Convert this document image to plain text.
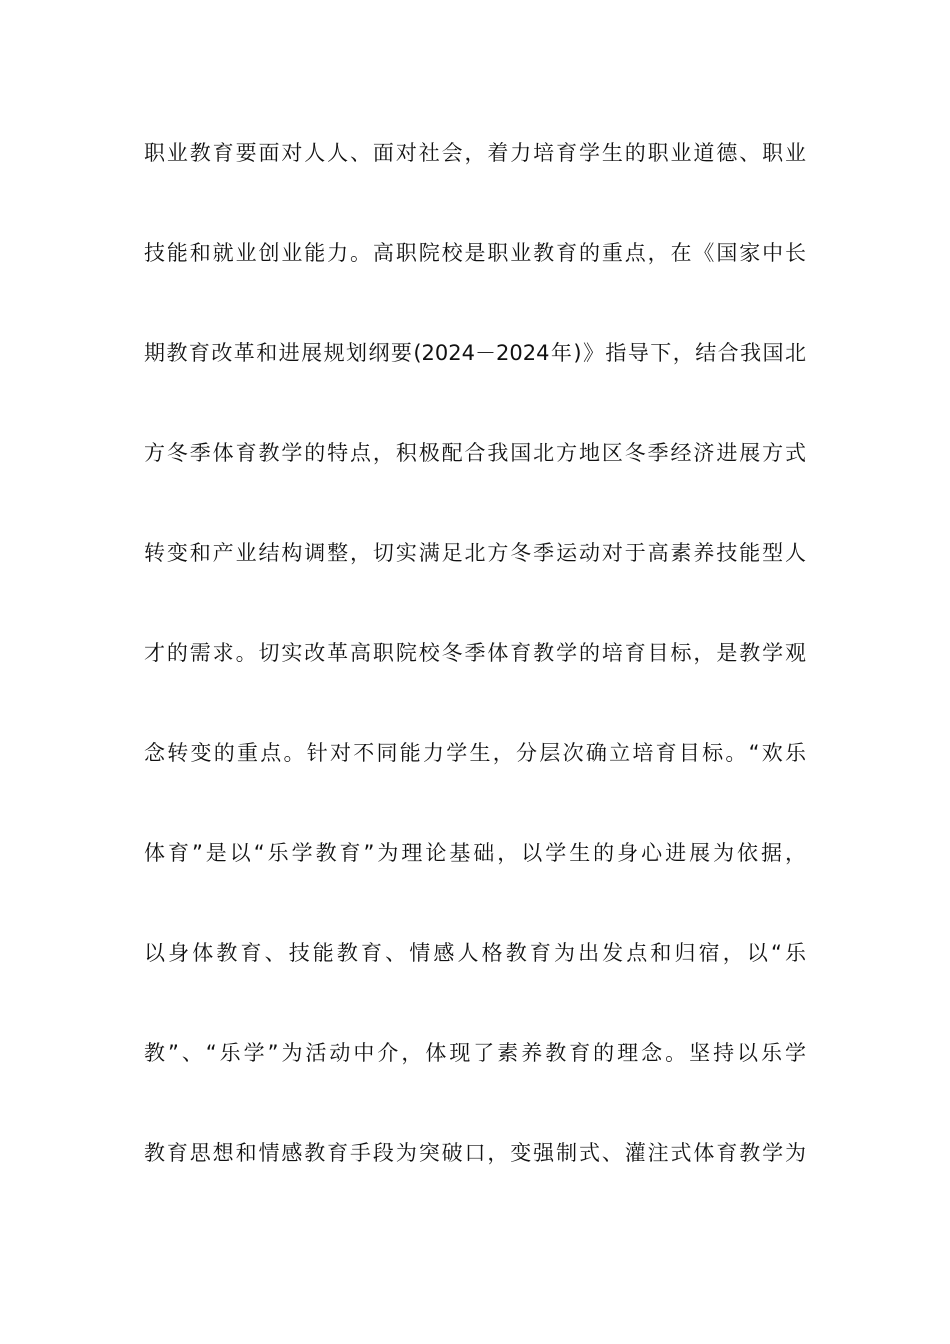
职业教育要面对人人、面对社会，着力培育学生的职业道德、职业
技能和就业创业能力。高职院校是职业教育的重点，在《国家中长
期教育改革和进展规划纲要(2024－2024年)》指导下，结合我国北
方冬季体育教学的特点，积极配合我国北方地区冬季经济进展方式
转变和产业结构调整，切实满足北方冬季运动对于高素养技能型人
才的需求。切实改革高职院校冬季体育教学的培育目标，是教学观
念转变的重点。针对不同能力学生，分层次确立培育目标。“欢乐
体育”是以“乐学教育”为理论基础，以学生的身心进展为依据，
以身体教育、技能教育、情感人格教育为出发点和归宿，以“乐
教”、“乐学”为活动中介，体现了素养教育的理念。坚持以乐学
教育思想和情感教育手段为突破口，变强制式、灌注式体育教学为
